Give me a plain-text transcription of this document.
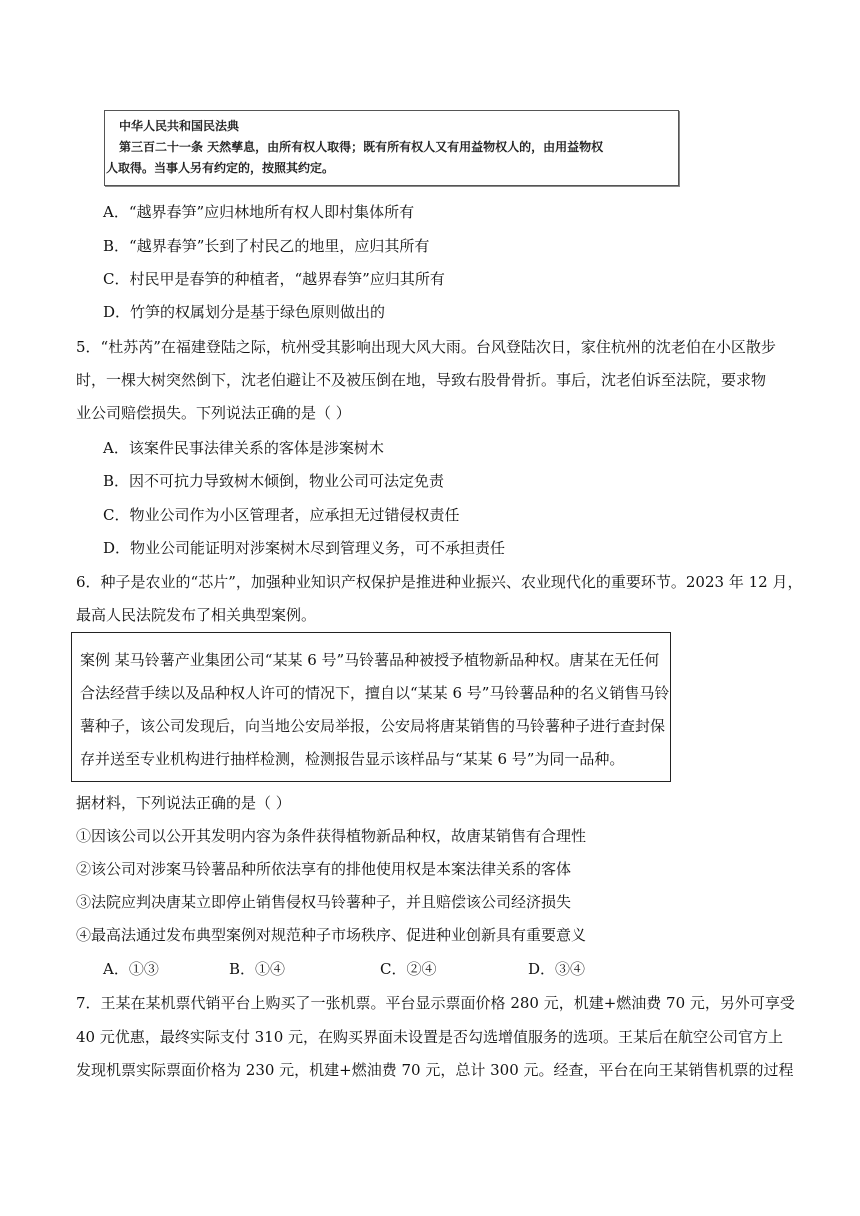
中华人民共和国民法典
第三百二十一条 天然孳息，由所有权人取得；既有所有权人又有用益物权人的，由用益物权
人取得。当事人另有约定的，按照其约定。
A．“越界春笋”应归林地所有权人即村集体所有
B．“越界春笋”长到了村民乙的地里，应归其所有
C．村民甲是春笋的种植者，“越界春笋”应归其所有
D．竹笋的权属划分是基于绿色原则做出的
5．“杜苏芮”在福建登陆之际，杭州受其影响出现大风大雨。台风登陆次日，家住杭州的沈老伯在小区散步
时，一棵大树突然倒下，沈老伯避让不及被压倒在地，导致右股骨骨折。事后，沈老伯诉至法院，要求物
业公司赔偿损失。下列说法正确的是（ ）
A．该案件民事法律关系的客体是涉案树木
B．因不可抗力导致树木倾倒，物业公司可法定免责
C．物业公司作为小区管理者，应承担无过错侵权责任
D．物业公司能证明对涉案树木尽到管理义务，可不承担责任
6．种子是农业的“芯片”，加强种业知识产权保护是推进种业振兴、农业现代化的重要环节。2023 年 12 月，
最高人民法院发布了相关典型案例。
案例 某马铃薯产业集团公司“某某 6 号”马铃薯品种被授予植物新品种权。唐某在无任何
合法经营手续以及品种权人许可的情况下，擅自以“某某 6 号”马铃薯品种的名义销售马铃
薯种子，该公司发现后，向当地公安局举报，公安局将唐某销售的马铃薯种子进行查封保
存并送至专业机构进行抽样检测，检测报告显示该样品与“某某 6 号”为同一品种。
据材料，下列说法正确的是（ ）
①因该公司以公开其发明内容为条件获得植物新品种权，故唐某销售有合理性
②该公司对涉案马铃薯品种所依法享有的排他使用权是本案法律关系的客体
③法院应判决唐某立即停止销售侵权马铃薯种子，并且赔偿该公司经济损失
④最高法通过发布典型案例对规范种子市场秩序、促进种业创新具有重要意义
A．①③	B．①④	C．②④	D．③④
7．王某在某机票代销平台上购买了一张机票。平台显示票面价格 280 元，机建+燃油费 70 元，另外可享受
40 元优惠，最终实际支付 310 元，在购买界面未设置是否勾选增值服务的选项。王某后在航空公司官方上
发现机票实际票面价格为 230 元，机建+燃油费 70 元，总计 300 元。经查，平台在向王某销售机票的过程
